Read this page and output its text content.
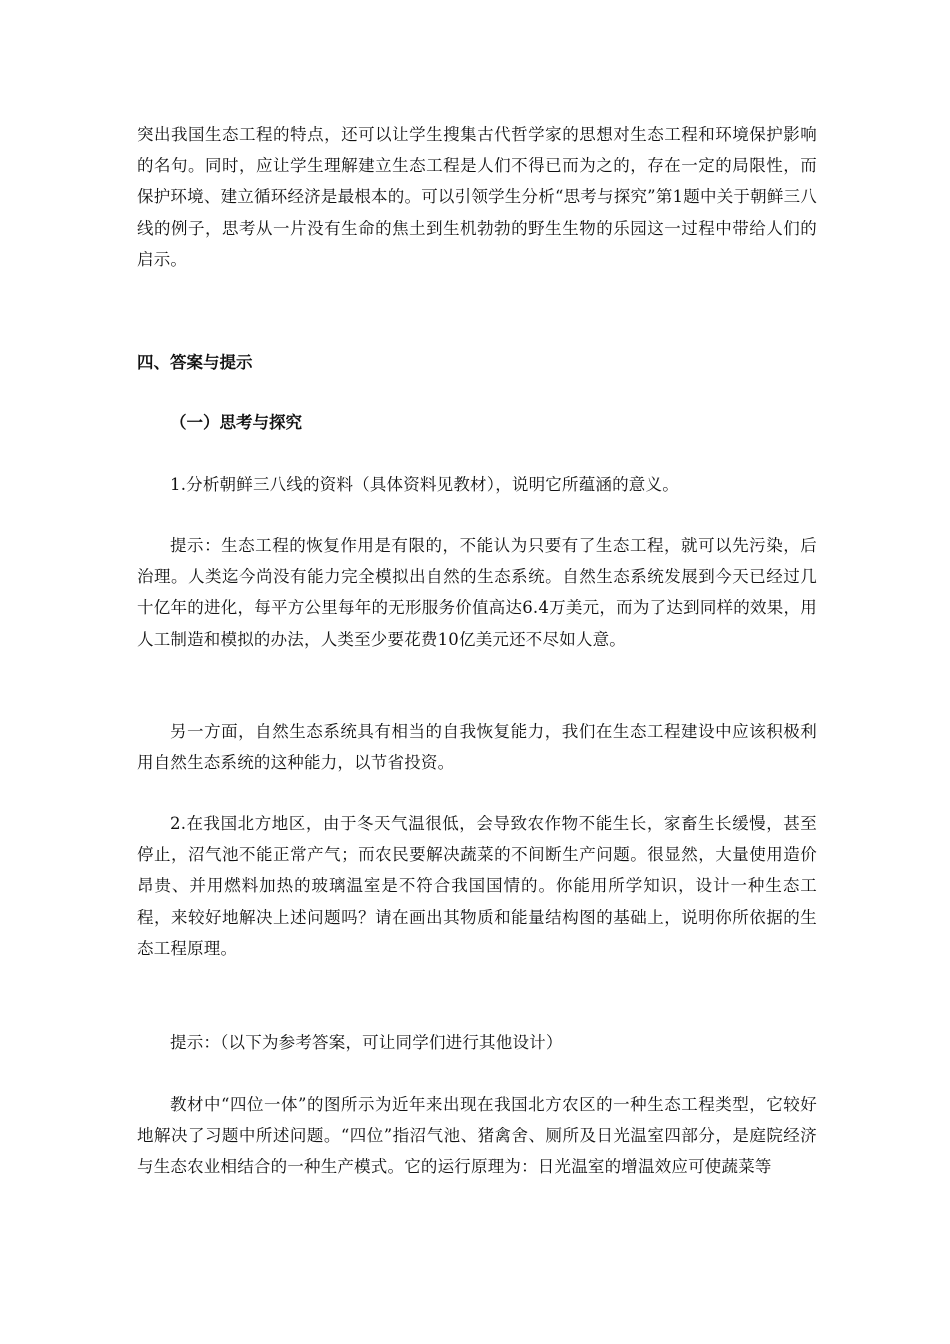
突出我国生态工程的特点，还可以让学生搜集古代哲学家的思想对生态工程和环境保护影响的名句。同时，应让学生理解建立生态工程是人们不得已而为之的，存在一定的局限性，而保护环境、建立循环经济是最根本的。可以引领学生分析“思考与探究”第1题中关于朝鲜三八线的例子，思考从一片没有生命的焦土到生机勃勃的野生生物的乐园这一过程中带给人们的启示。

四、答案与提示
（一）思考与探究

1.分析朝鲜三八线的资料（具体资料见教材），说明它所蕴涵的意义。

提示：生态工程的恢复作用是有限的，不能认为只要有了生态工程，就可以先污染，后治理。人类迄今尚没有能力完全模拟出自然的生态系统。自然生态系统发展到今天已经过几十亿年的进化，每平方公里每年的无形服务价值高达6.4万美元，而为了达到同样的效果，用人工制造和模拟的办法，人类至少要花费10亿美元还不尽如人意。

另一方面，自然生态系统具有相当的自我恢复能力，我们在生态工程建设中应该积极利用自然生态系统的这种能力，以节省投资。

2.在我国北方地区，由于冬天气温很低，会导致农作物不能生长，家畜生长缓慢，甚至停止，沼气池不能正常产气；而农民要解决蔬菜的不间断生产问题。很显然，大量使用造价昂贵、并用燃料加热的玻璃温室是不符合我国国情的。你能用所学知识，设计一种生态工程，来较好地解决上述问题吗？请在画出其物质和能量结构图的基础上，说明你所依据的生态工程原理。

提示：（以下为参考答案，可让同学们进行其他设计）

教材中“四位一体”的图所示为近年来出现在我国北方农区的一种生态工程类型，它较好地解决了习题中所述问题。“四位”指沼气池、猪禽舍、厕所及日光温室四部分，是庭院经济与生态农业相结合的一种生产模式。它的运行原理为：日光温室的增温效应可使蔬菜等
